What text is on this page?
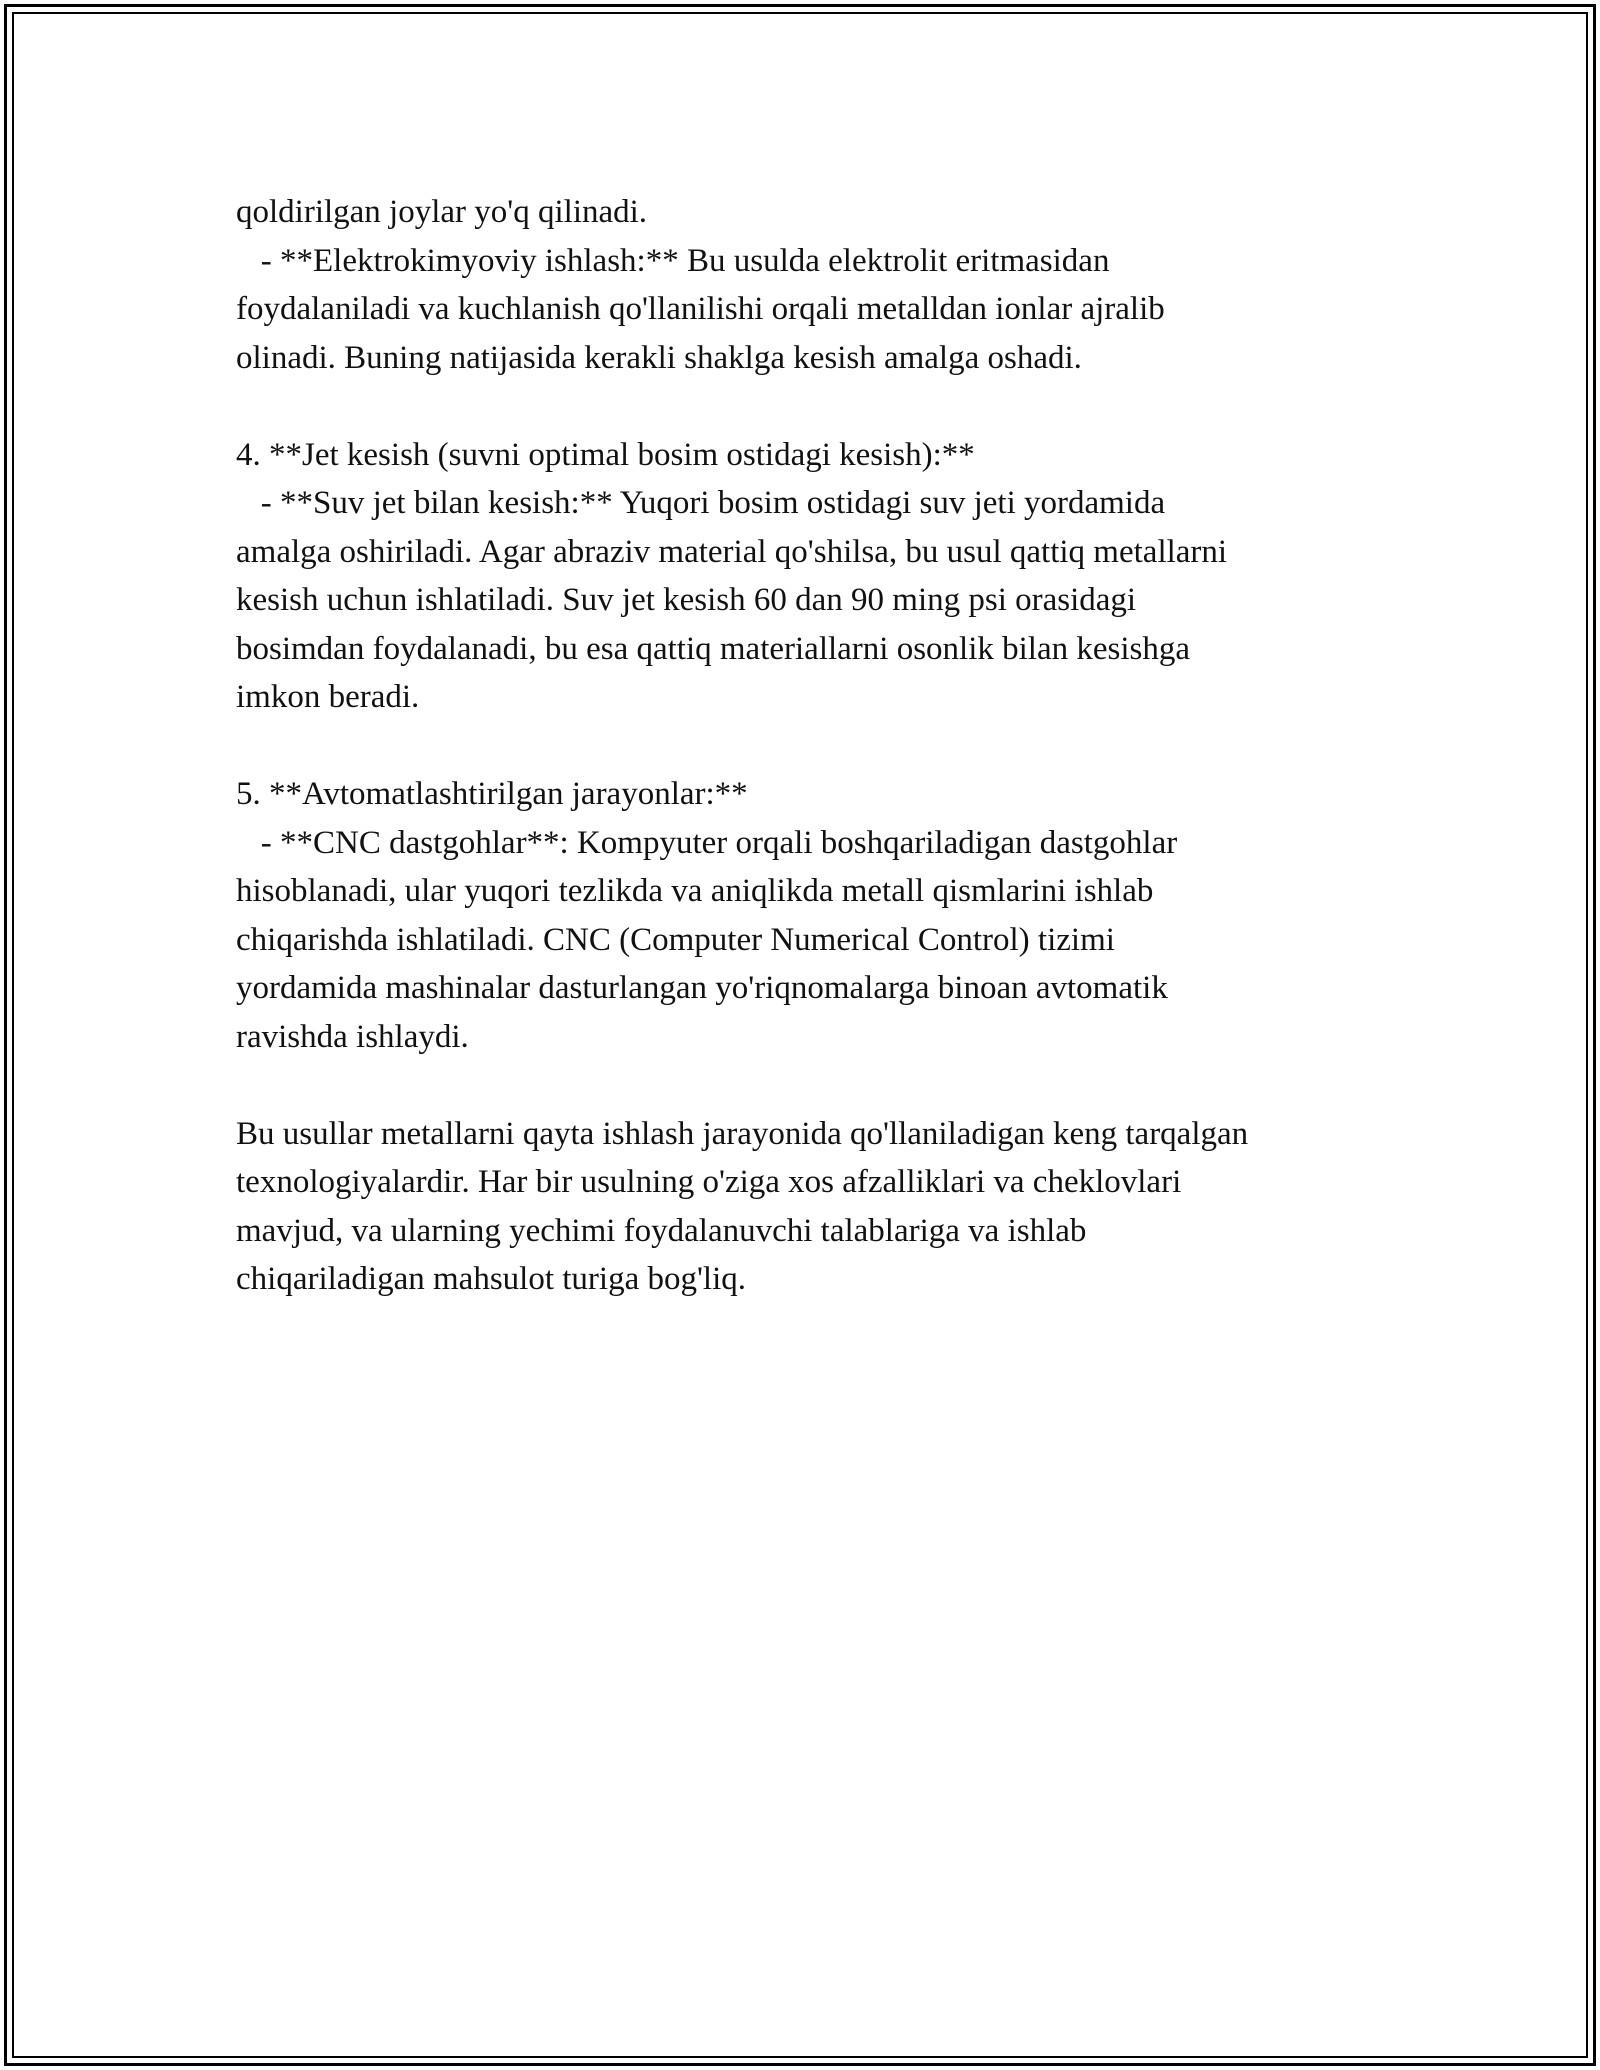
qoldirilgan joylar yo'q qilinadi.
- **Elektrokimyoviy ishlash:** Bu usulda elektrolit eritmasidan
foydalaniladi va kuchlanish qo'llanilishi orqali metalldan ionlar ajralib
olinadi. Buning natijasida kerakli shaklga kesish amalga oshadi.
4. **Jet kesish (suvni optimal bosim ostidagi kesish):**
- **Suv jet bilan kesish:** Yuqori bosim ostidagi suv jeti yordamida
amalga oshiriladi. Agar abraziv material qo'shilsa, bu usul qattiq metallarni
kesish uchun ishlatiladi. Suv jet kesish 60 dan 90 ming psi orasidagi
bosimdan foydalanadi, bu esa qattiq materiallarni osonlik bilan kesishga
imkon beradi.
5. **Avtomatlashtirilgan jarayonlar:**
- **CNC dastgohlar**: Kompyuter orqali boshqariladigan dastgohlar
hisoblanadi, ular yuqori tezlikda va aniqlikda metall qismlarini ishlab
chiqarishda ishlatiladi. CNC (Computer Numerical Control) tizimi
yordamida mashinalar dasturlangan yo'riqnomalarga binoan avtomatik
ravishda ishlaydi.
Bu usullar metallarni qayta ishlash jarayonida qo'llaniladigan keng tarqalgan
texnologiyalardir. Har bir usulning o'ziga xos afzalliklari va cheklovlari
mavjud, va ularning yechimi foydalanuvchi talablariga va ishlab
chiqariladigan mahsulot turiga bog'liq.
